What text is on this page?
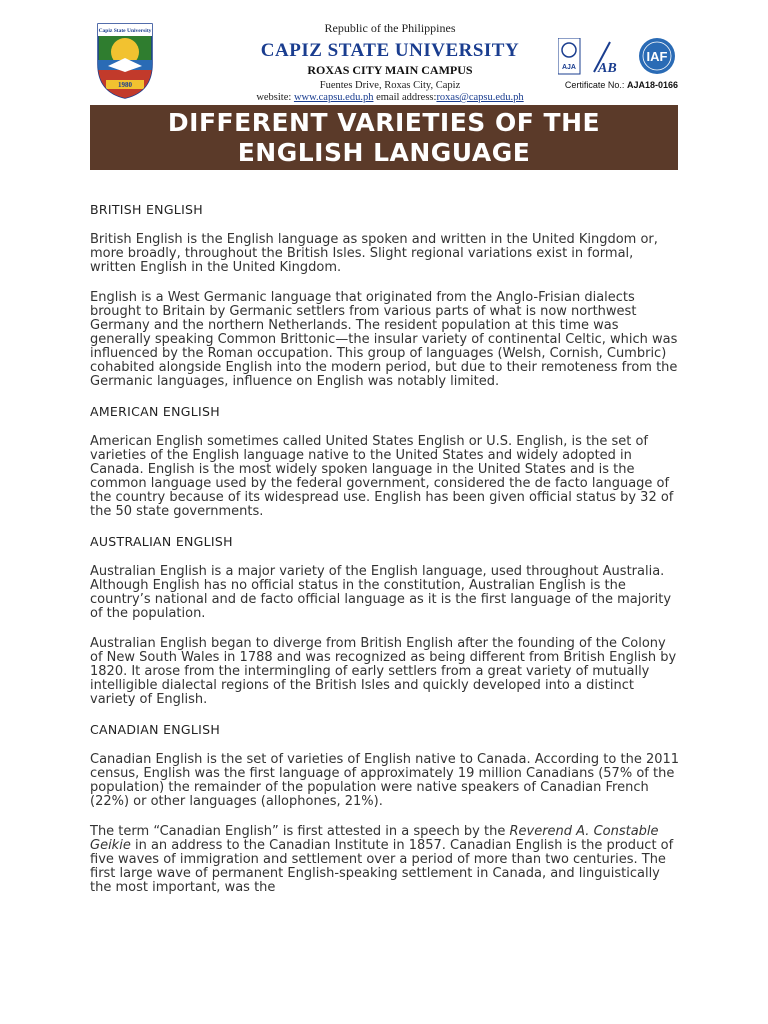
Capiz State University
1980
Republic of the Philippines
CAPIZ STATE UNIVERSITY
ROXAS CITY MAIN CAMPUS
Fuentes Drive, Roxas City, Capiz
website: www.capsu.edu.ph email address:roxas@capsu.edu.ph
AJA AB
IAF
Certificate No.: AJA18-0166
DIFFERENT VARIETIES OF THE
ENGLISH LANGUAGE
BRITISH ENGLISH

British English is the English language as spoken and written in the United Kingdom or, more broadly, throughout the British Isles. Slight regional variations exist in formal, written English in the United Kingdom.

English is a West Germanic language that originated from the Anglo-Frisian dialects brought to Britain by Germanic settlers from various parts of what is now northwest Germany and the northern Netherlands. The resident population at this time was generally speaking Common Brittonic—the insular variety of continental Celtic, which was influenced by the Roman occupation. This group of languages (Welsh, Cornish, Cumbric) cohabited alongside English into the modern period, but due to their remoteness from the Germanic languages, influence on English was notably limited.

AMERICAN ENGLISH

American English sometimes called United States English or U.S. English, is the set of varieties of the English language native to the United States and widely adopted in Canada. English is the most widely spoken language in the United States and is the common language used by the federal government, considered the de facto language of the country because of its widespread use. English has been given official status by 32 of the 50 state governments.

AUSTRALIAN ENGLISH

Australian English is a major variety of the English language, used throughout Australia. Although English has no official status in the constitution, Australian English is the country’s national and de facto official language as it is the first language of the majority of the population.

Australian English began to diverge from British English after the founding of the Colony of New South Wales in 1788 and was recognized as being different from British English by 1820. It arose from the intermingling of early settlers from a great variety of mutually intelligible dialectal regions of the British Isles and quickly developed into a distinct variety of English.

CANADIAN ENGLISH

Canadian English is the set of varieties of English native to Canada. According to the 2011 census, English was the first language of approximately 19 million Canadians (57% of the population) the remainder of the population were native speakers of Canadian French (22%) or other languages (allophones, 21%).

The term “Canadian English” is first attested in a speech by the Reverend A. Constable Geikie in an address to the Canadian Institute in 1857. Canadian English is the product of five waves of immigration and settlement over a period of more than two centuries. The first large wave of permanent English-speaking settlement in Canada, and linguistically the most important, was the
